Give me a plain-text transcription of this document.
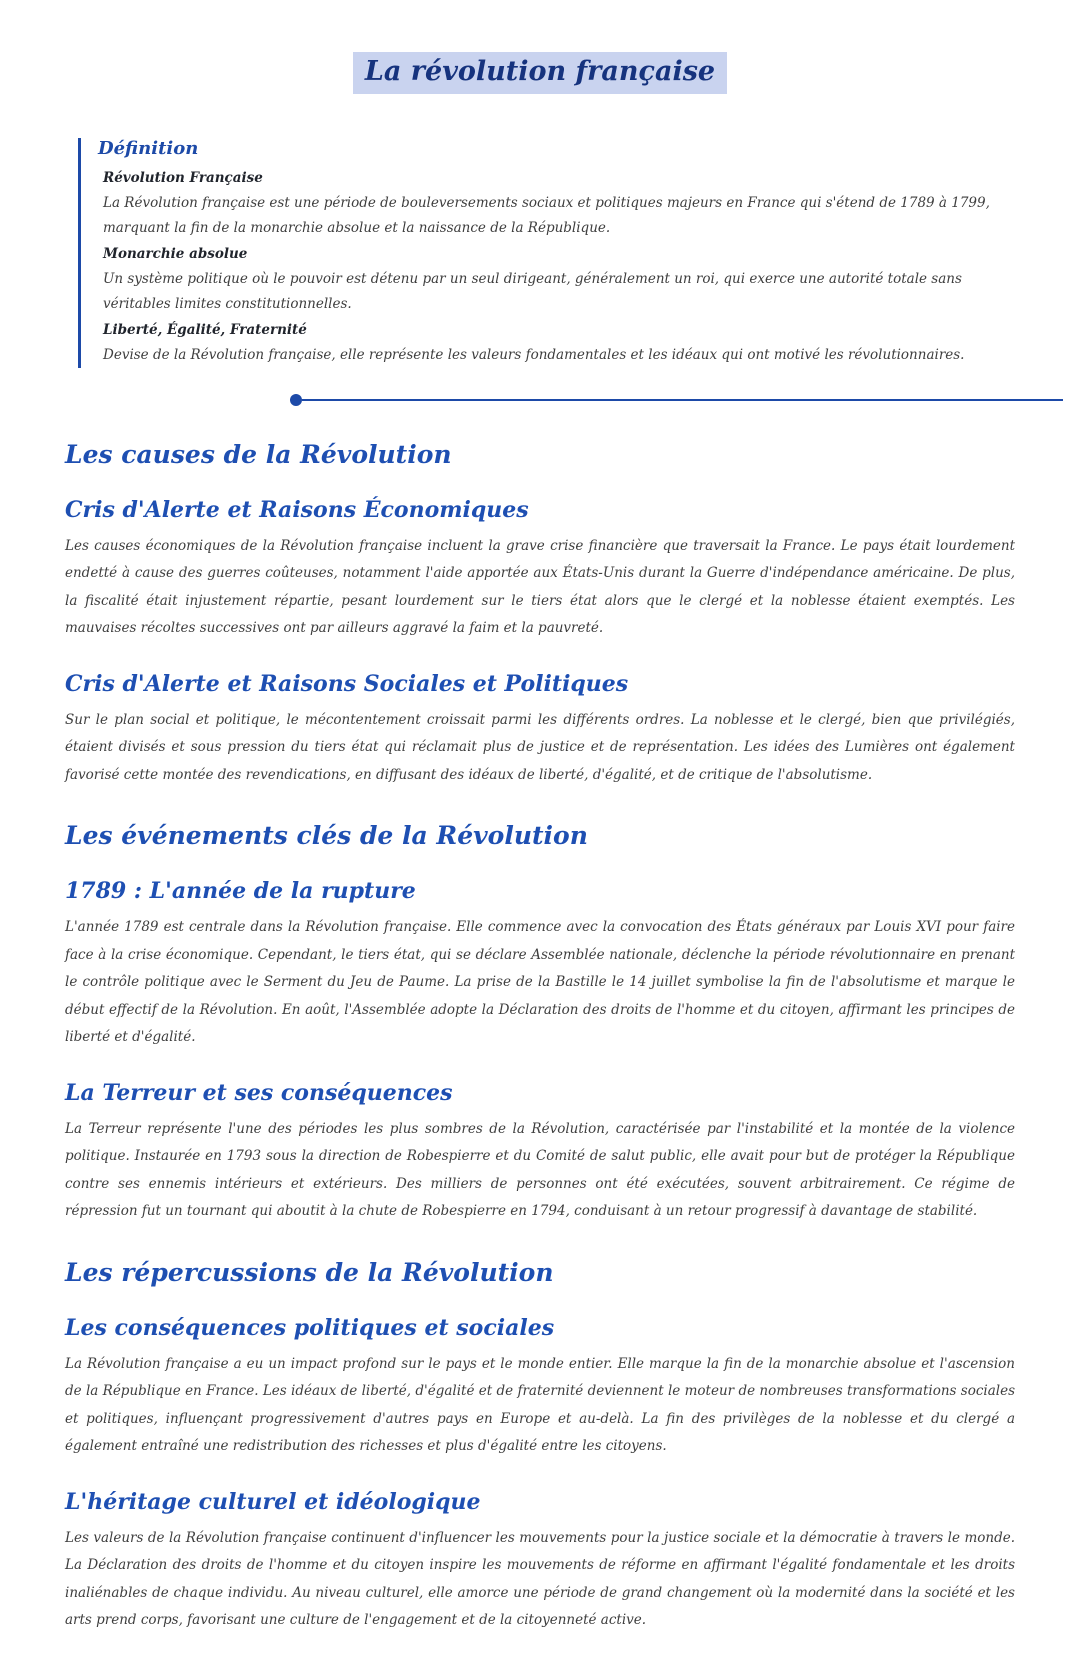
La révolution française
Définition
Révolution Française
La Révolution française est une période de bouleversements sociaux et politiques majeurs en France qui s'étend de 1789 à 1799, marquant la fin de la monarchie absolue et la naissance de la République.
Monarchie absolue
Un système politique où le pouvoir est détenu par un seul dirigeant, généralement un roi, qui exerce une autorité totale sans véritables limites constitutionnelles.
Liberté, Égalité, Fraternité
Devise de la Révolution française, elle représente les valeurs fondamentales et les idéaux qui ont motivé les révolutionnaires.
Les causes de la Révolution
Cris d'Alerte et Raisons Économiques

Les causes économiques de la Révolution française incluent la grave crise financière que traversait la France. Le pays était lourdement endetté à cause des guerres coûteuses, notamment l'aide apportée aux États-Unis durant la Guerre d'indépendance américaine. De plus, la fiscalité était injustement répartie, pesant lourdement sur le tiers état alors que le clergé et la noblesse étaient exemptés. Les mauvaises récoltes successives ont par ailleurs aggravé la faim et la pauvreté.

Cris d'Alerte et Raisons Sociales et Politiques

Sur le plan social et politique, le mécontentement croissait parmi les différents ordres. La noblesse et le clergé, bien que privilégiés, étaient divisés et sous pression du tiers état qui réclamait plus de justice et de représentation. Les idées des Lumières ont également favorisé cette montée des revendications, en diffusant des idéaux de liberté, d'égalité, et de critique de l'absolutisme.

Les événements clés de la Révolution
1789 : L'année de la rupture

L'année 1789 est centrale dans la Révolution française. Elle commence avec la convocation des États généraux par Louis XVI pour faire face à la crise économique. Cependant, le tiers état, qui se déclare Assemblée nationale, déclenche la période révolutionnaire en prenant le contrôle politique avec le Serment du Jeu de Paume. La prise de la Bastille le 14 juillet symbolise la fin de l'absolutisme et marque le début effectif de la Révolution. En août, l'Assemblée adopte la Déclaration des droits de l'homme et du citoyen, affirmant les principes de liberté et d'égalité.

La Terreur et ses conséquences

La Terreur représente l'une des périodes les plus sombres de la Révolution, caractérisée par l'instabilité et la montée de la violence politique. Instaurée en 1793 sous la direction de Robespierre et du Comité de salut public, elle avait pour but de protéger la République contre ses ennemis intérieurs et extérieurs. Des milliers de personnes ont été exécutées, souvent arbitrairement. Ce régime de répression fut un tournant qui aboutit à la chute de Robespierre en 1794, conduisant à un retour progressif à davantage de stabilité.

Les répercussions de la Révolution
Les conséquences politiques et sociales

La Révolution française a eu un impact profond sur le pays et le monde entier. Elle marque la fin de la monarchie absolue et l'ascension de la République en France. Les idéaux de liberté, d'égalité et de fraternité deviennent le moteur de nombreuses transformations sociales et politiques, influençant progressivement d'autres pays en Europe et au-delà. La fin des privilèges de la noblesse et du clergé a également entraîné une redistribution des richesses et plus d'égalité entre les citoyens.

L'héritage culturel et idéologique

Les valeurs de la Révolution française continuent d'influencer les mouvements pour la justice sociale et la démocratie à travers le monde. La Déclaration des droits de l'homme et du citoyen inspire les mouvements de réforme en affirmant l'égalité fondamentale et les droits inaliénables de chaque individu. Au niveau culturel, elle amorce une période de grand changement où la modernité dans la société et les arts prend corps, favorisant une culture de l'engagement et de la citoyenneté active.
